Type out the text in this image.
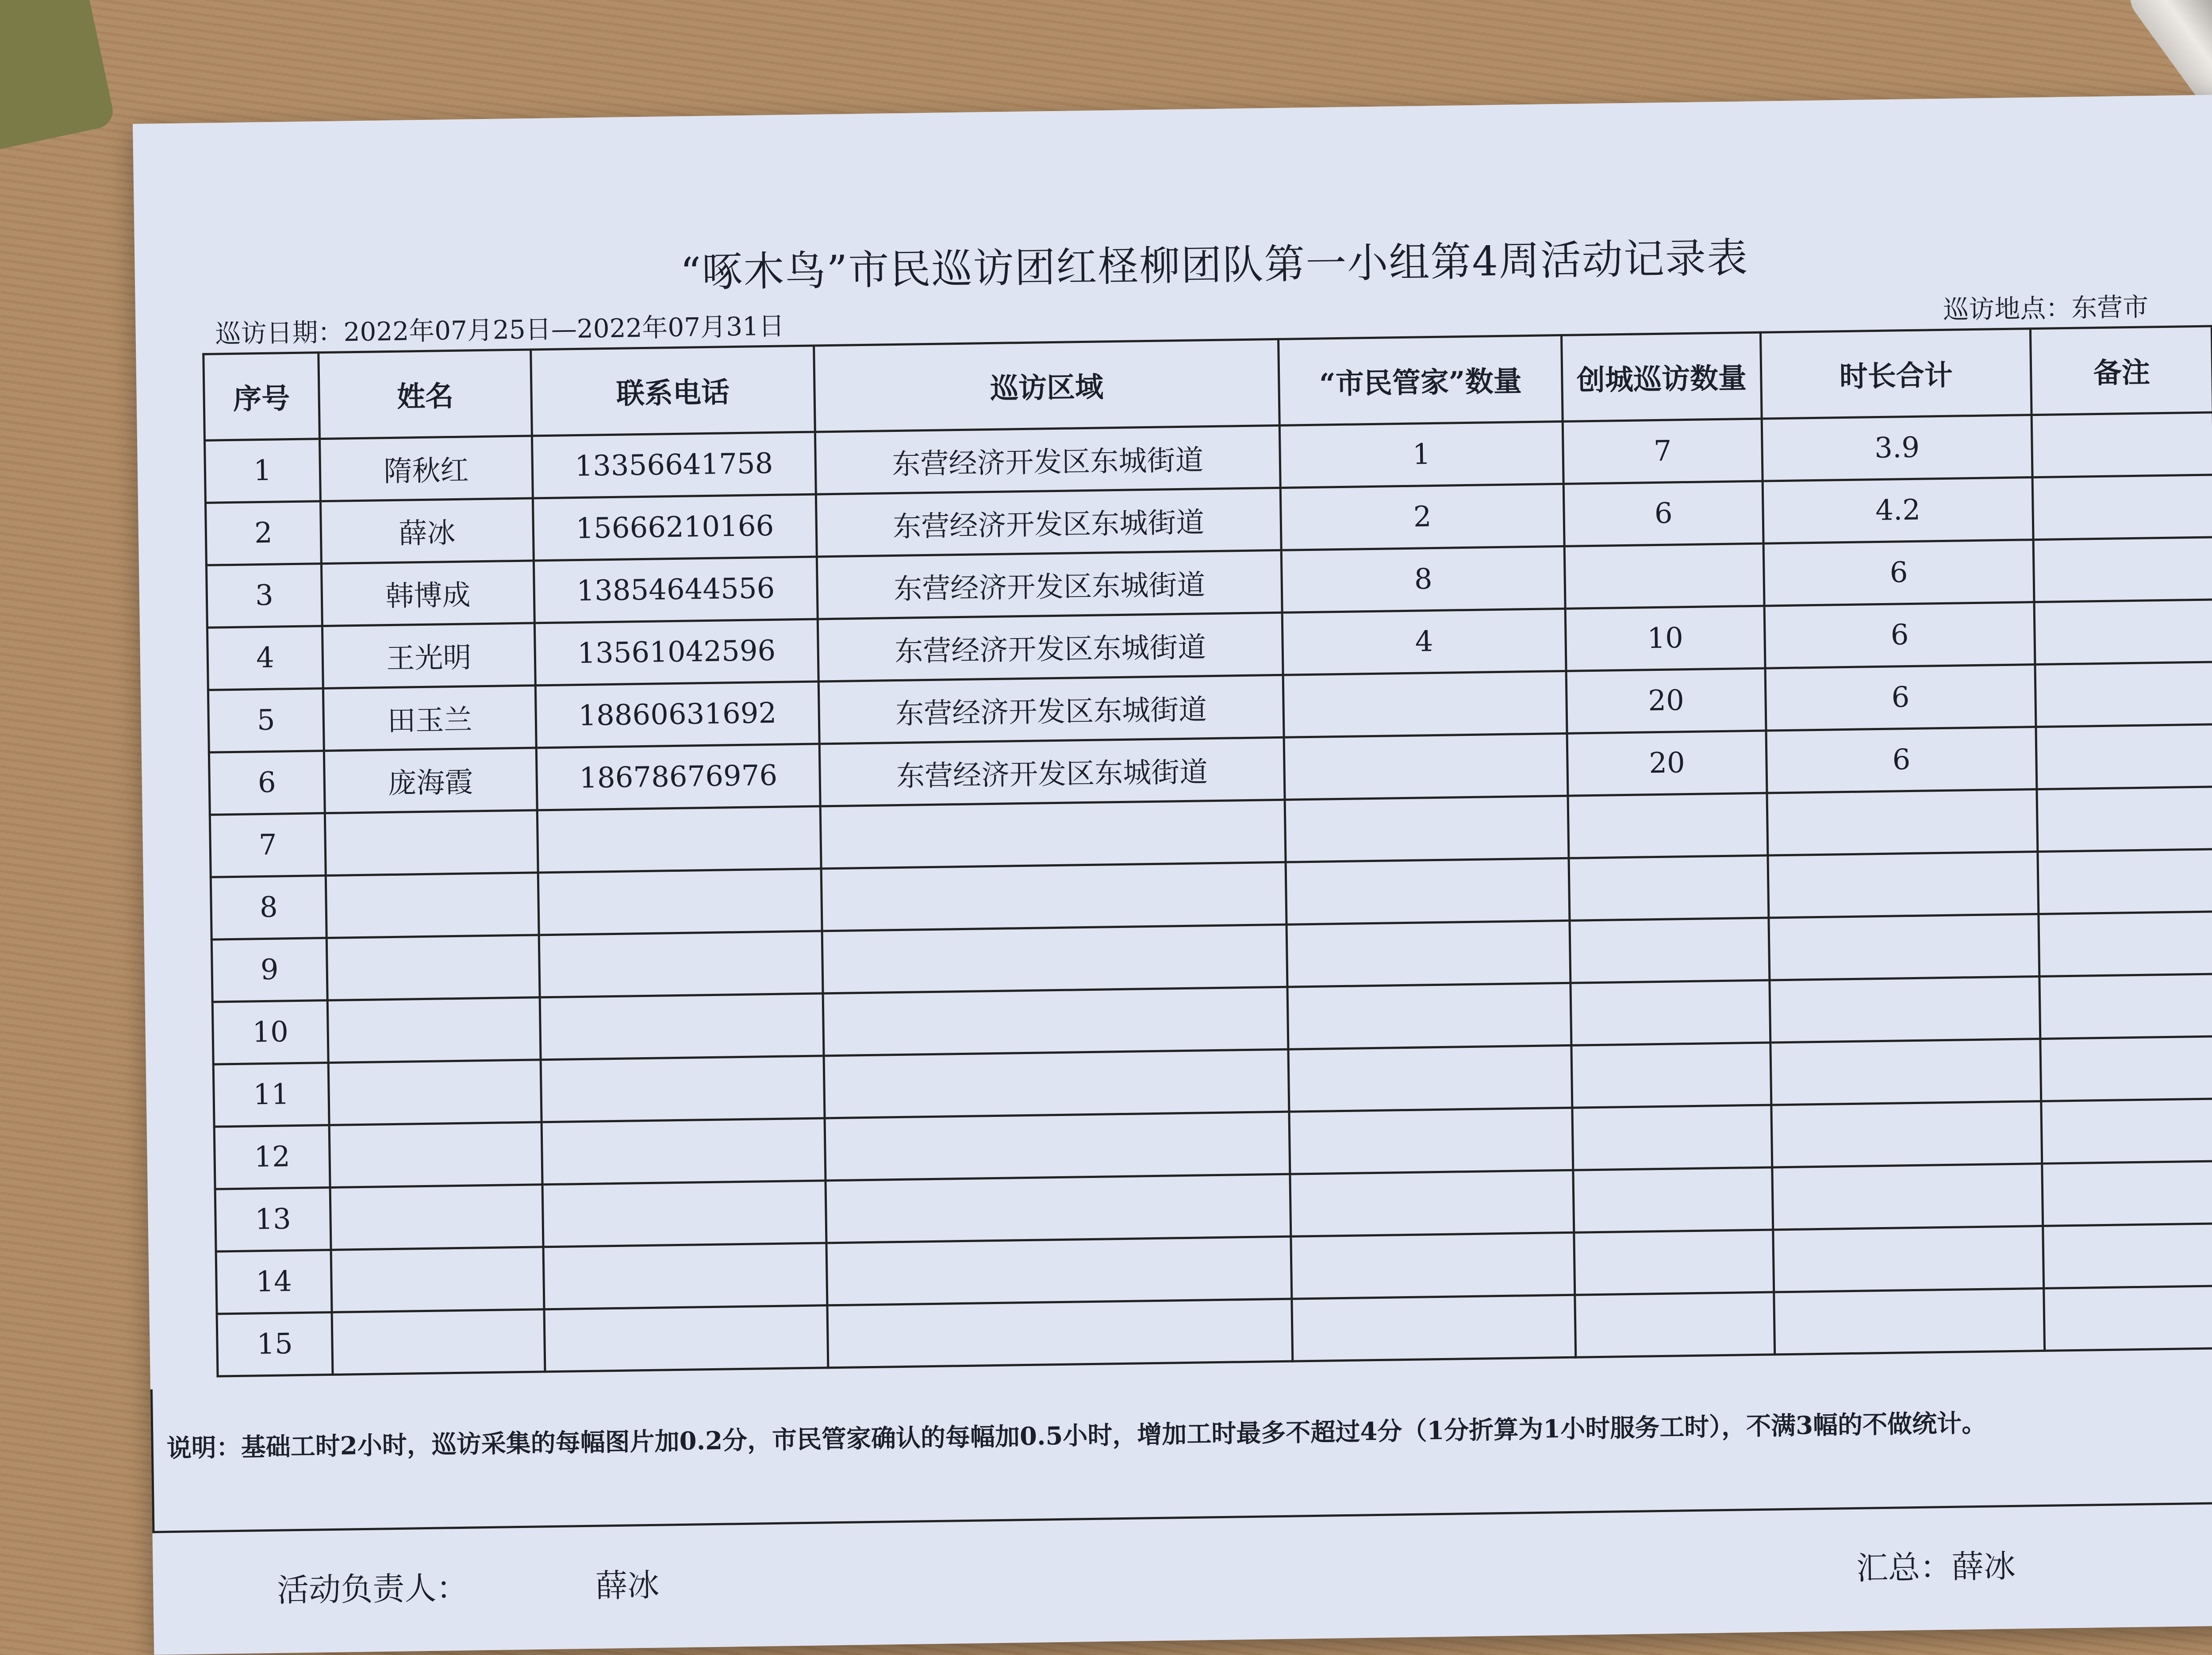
“啄木鸟”市民巡访团红柽柳团队第一小组第4周活动记录表
巡访日期：2022年07月25日—2022年07月31日
巡访地点：东营市
序号	姓名	联系电话	巡访区域	“市民管家”数量	创城巡访数量	时长合计	备注
1	隋秋红	13356641758	东营经济开发区东城街道	1	7	3.9	
2	薛冰	15666210166	东营经济开发区东城街道	2	6	4.2	
3	韩博成	13854644556	东营经济开发区东城街道	8		6	
4	王光明	13561042596	东营经济开发区东城街道	4	10	6	
5	田玉兰	18860631692	东营经济开发区东城街道		20	6	
6	庞海霞	18678676976	东营经济开发区东城街道		20	6	
7							
8							
9							
10							
11							
12							
13							
14							
15							
说明：基础工时2小时，巡访采集的每幅图片加0.2分，市民管家确认的每幅加0.5小时，增加工时最多不超过4分（1分折算为1小时服务工时），不满3幅的不做统计。
活动负责人：	薛冰	汇总：薛冰
